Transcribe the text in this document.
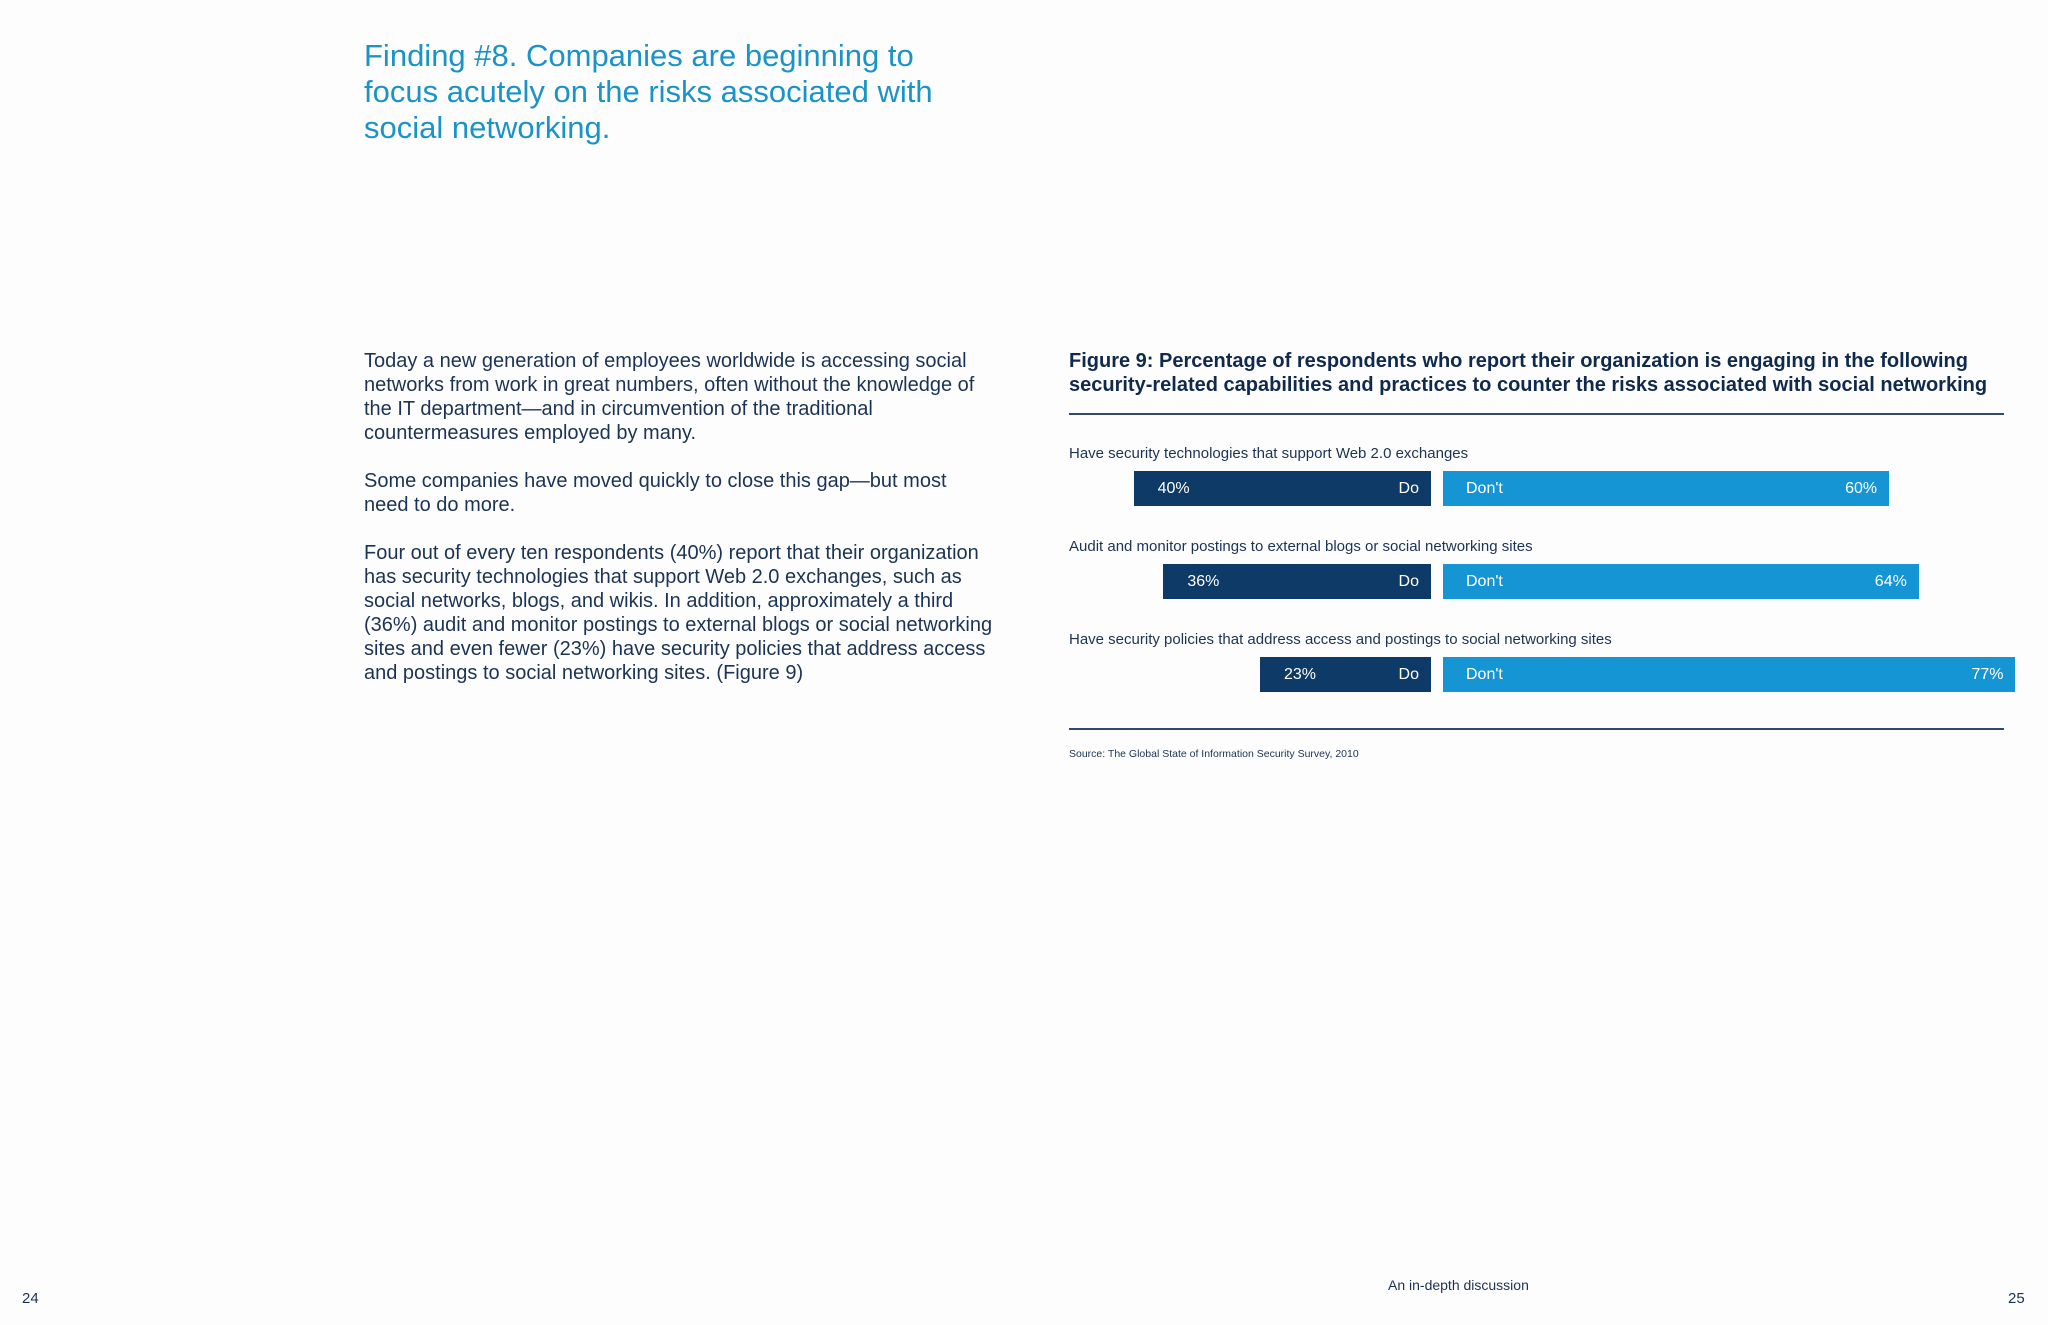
Finding #8. Companies are beginning to focus acutely on the risks associated with social networking.

Today a new generation of employees worldwide is accessing social networks from work in great numbers, often without the knowledge of the IT department—and in circumvention of the traditional countermeasures employed by many.

Some companies have moved quickly to close this gap—but most need to do more.

Four out of every ten respondents (40%) report that their organization has security technologies that support Web 2.0 exchanges, such as social networks, blogs, and wikis. In addition, approximately a third (36%) audit and monitor postings to external blogs or social networking sites and even fewer (23%) have security policies that address access and postings to social networking sites. (Figure 9)

Figure 9: Percentage of respondents who report their organization is engaging in the following security-related capabilities and practices to counter the risks associated with social networking
Have security technologies that support Web 2.0 exchanges
40%	Do	Don't	60%
Audit and monitor postings to external blogs or social networking sites
36%	Do	Don't	64%
Have security policies that address access and postings to social networking sites
23%	Do	Don't	77%
Source: The Global State of Information Security Survey, 2010
24
An in-depth discussion
25
